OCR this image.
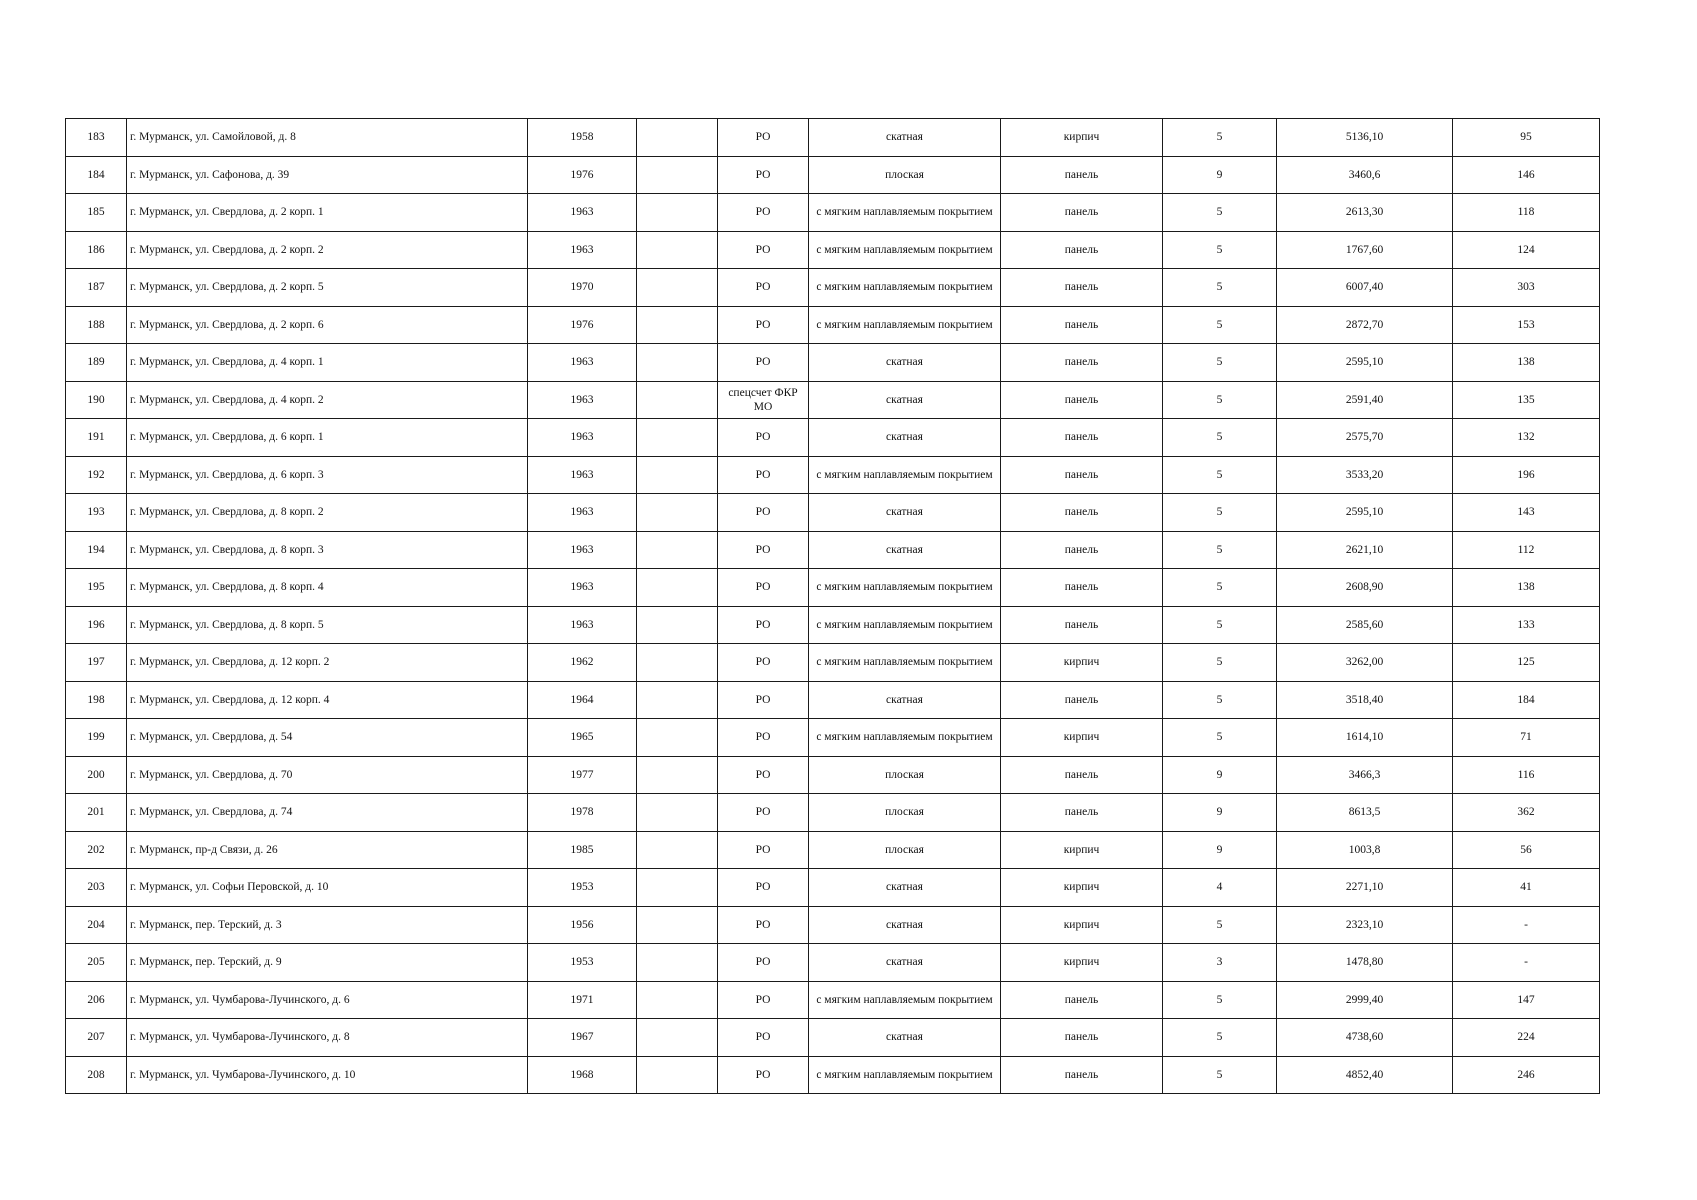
183	г. Мурманск, ул. Самойловой, д. 8	1958		РО	скатная	кирпич	5	5136,10	95
184	г. Мурманск, ул. Сафонова, д. 39	1976		РО	плоская	панель	9	3460,6	146
185	г. Мурманск, ул. Свердлова, д. 2 корп. 1	1963		РО	с мягким наплавляемым покрытием	панель	5	2613,30	118
186	г. Мурманск, ул. Свердлова, д. 2 корп. 2	1963		РО	с мягким наплавляемым покрытием	панель	5	1767,60	124
187	г. Мурманск, ул. Свердлова, д. 2 корп. 5	1970		РО	с мягким наплавляемым покрытием	панель	5	6007,40	303
188	г. Мурманск, ул. Свердлова, д. 2 корп. 6	1976		РО	с мягким наплавляемым покрытием	панель	5	2872,70	153
189	г. Мурманск, ул. Свердлова, д. 4 корп. 1	1963		РО	скатная	панель	5	2595,10	138
190	г. Мурманск, ул. Свердлова, д. 4 корп. 2	1963		спецсчет ФКР МО	скатная	панель	5	2591,40	135
191	г. Мурманск, ул. Свердлова, д. 6 корп. 1	1963		РО	скатная	панель	5	2575,70	132
192	г. Мурманск, ул. Свердлова, д. 6 корп. 3	1963		РО	с мягким наплавляемым покрытием	панель	5	3533,20	196
193	г. Мурманск, ул. Свердлова, д. 8 корп. 2	1963		РО	скатная	панель	5	2595,10	143
194	г. Мурманск, ул. Свердлова, д. 8 корп. 3	1963		РО	скатная	панель	5	2621,10	112
195	г. Мурманск, ул. Свердлова, д. 8 корп. 4	1963		РО	с мягким наплавляемым покрытием	панель	5	2608,90	138
196	г. Мурманск, ул. Свердлова, д. 8 корп. 5	1963		РО	с мягким наплавляемым покрытием	панель	5	2585,60	133
197	г. Мурманск, ул. Свердлова, д. 12 корп. 2	1962		РО	с мягким наплавляемым покрытием	кирпич	5	3262,00	125
198	г. Мурманск, ул. Свердлова, д. 12 корп. 4	1964		РО	скатная	панель	5	3518,40	184
199	г. Мурманск, ул. Свердлова, д. 54	1965		РО	с мягким наплавляемым покрытием	кирпич	5	1614,10	71
200	г. Мурманск, ул. Свердлова, д. 70	1977		РО	плоская	панель	9	3466,3	116
201	г. Мурманск, ул. Свердлова, д. 74	1978		РО	плоская	панель	9	8613,5	362
202	г. Мурманск, пр-д Связи, д. 26	1985		РО	плоская	кирпич	9	1003,8	56
203	г. Мурманск, ул. Софьи Перовской, д. 10	1953		РО	скатная	кирпич	4	2271,10	41
204	г. Мурманск, пер. Терский, д. 3	1956		РО	скатная	кирпич	5	2323,10	-
205	г. Мурманск, пер. Терский, д. 9	1953		РО	скатная	кирпич	3	1478,80	-
206	г. Мурманск, ул. Чумбарова-Лучинского, д. 6	1971		РО	с мягким наплавляемым покрытием	панель	5	2999,40	147
207	г. Мурманск, ул. Чумбарова-Лучинского, д. 8	1967		РО	скатная	панель	5	4738,60	224
208	г. Мурманск, ул. Чумбарова-Лучинского, д. 10	1968		РО	с мягким наплавляемым покрытием	панель	5	4852,40	246
